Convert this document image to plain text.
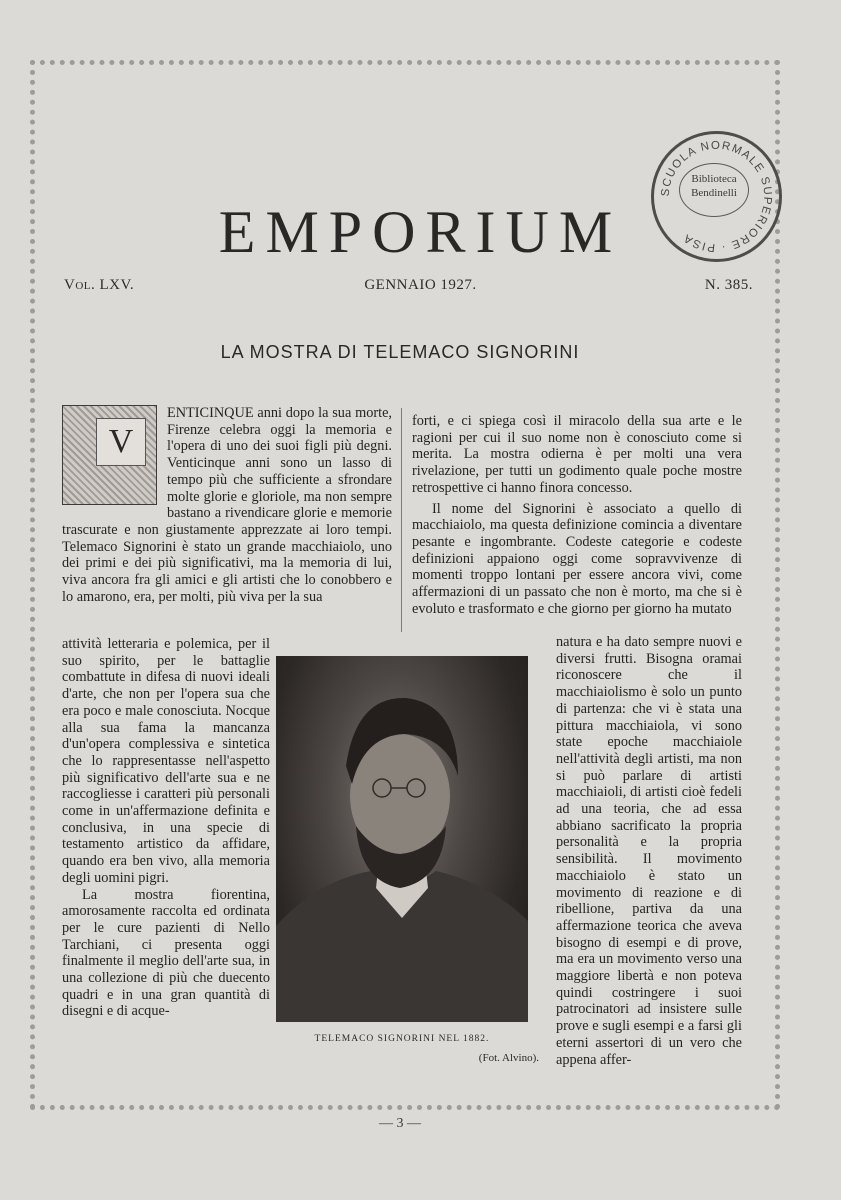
EMPORIUM
Vol. LXV.	GENNAIO 1927.	N. 385.
SCUOLA NORMALE SUPERIORE · PISA
Biblioteca
Bendinelli
LA MOSTRA DI TELEMACO SIGNORINI
V

ENTICINQUE anni dopo la sua morte, Firenze celebra oggi la memoria e l'opera di uno dei suoi figli più degni. Venticinque anni sono un lasso di tempo più che sufficiente a sfrondare molte glorie e gloriole, ma non sempre bastano a rivendicare glorie e memorie trascurate e non giustamente apprezzate ai loro tempi. Telemaco Signorini è stato un grande macchiaiolo, uno dei primi e dei più significativi, ma la memoria di lui, viva ancora fra gli amici e gli artisti che lo conobbero e lo amarono, era, per molti, più viva per la sua

attività letteraria e polemica, per il suo spirito, per le battaglie combattute in difesa di nuovi ideali d'arte, che non per l'opera sua che era poco e male conosciuta. Nocque alla sua fama la mancanza d'un'opera complessiva e sintetica che lo rappresentasse nell'aspetto più significativo dell'arte sua e ne raccogliesse i caratteri più personali come in un'affermazione definita e conclusiva, in una specie di testamento artistico da affidare, quando era ben vivo, alla memoria degli uomini pigri.

La mostra fiorentina, amorosamente raccolta ed ordinata per le cure pazienti di Nello Tarchiani, ci presenta oggi finalmente il meglio dell'arte sua, in una collezione di più che duecento quadri e in una gran quantità di disegni e di acque-

forti, e ci spiega così il miracolo della sua arte e le ragioni per cui il suo nome non è conosciuto come si merita. La mostra odierna è per molti una vera rivelazione, per tutti un godimento quale poche mostre retrospettive ci hanno finora concesso.

Il nome del Signorini è associato a quello di macchiaiolo, ma questa definizione comincia a diventare pesante e ingombrante. Codeste categorie e codeste definizioni appaiono oggi come sopravvivenze di momenti troppo lontani per essere ancora vivi, come affermazioni di un passato che non è morto, ma che si è evoluto e trasformato e che giorno per giorno ha mutato

natura e ha dato sempre nuovi e diversi frutti. Bisogna oramai riconoscere che il macchiaiolismo è solo un punto di partenza: che vi è stata una pittura macchiaiola, vi sono state epoche macchiaiole nell'attività degli artisti, ma non si può parlare di artisti macchiaioli, di artisti cioè fedeli ad una teoria, che ad essa abbiano sacrificato la propria personalità e la propria sensibilità. Il movimento macchiaiolo è stato un movimento di reazione e di ribellione, partiva da una affermazione teorica che aveva bisogno di esempi e di prove, ma era un movimento verso una maggiore libertà e non poteva quindi costringere i suoi patrocinatori ad insistere sulle prove e sugli esempi e a farsi gli eterni assertori di un vero che appena affer-

TELEMACO SIGNORINI NEL 1882.
(Fot. Alvino).
— 3 —
